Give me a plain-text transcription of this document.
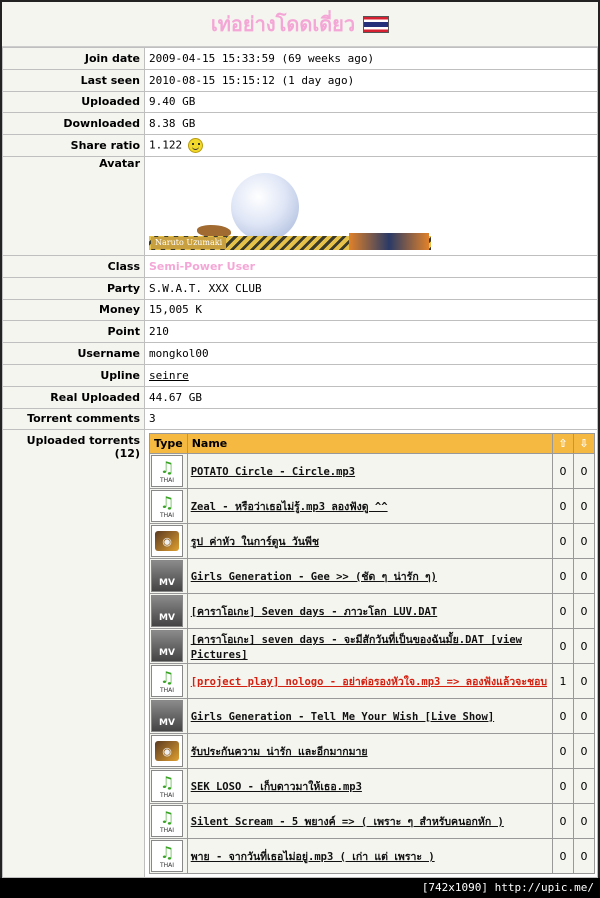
เท่อย่างโดดเดี่ยว
Join date	2009-04-15 15:33:59 (69 weeks ago)
Last seen	2010-08-15 15:15:12 (1 day ago)
Uploaded	9.40 GB
Downloaded	8.38 GB
Share ratio	1.122
Avatar	
Naruto Uzumaki

Class	Semi-Power User
Party	S.W.A.T. XXX CLUB
Money	15,005 K
Point	210
Username	mongkol00
Upline	seinre
Real Uploaded	44.67 GB
Torrent comments	3
Uploaded torrents (12)	
Type	Name	⇧	⇩

♫
THAI
	POTATO Circle - Circle.mp3	0	0

♫
THAI
	Zeal - หรือว่าเธอไม่รู้.mp3 ลองฟังดู ^^	0	0

◉	รูป ค่าหัว ในการ์ตูน วันพีช	0	0

MV
	Girls Generation - Gee >> (ชัด ๆ น่ารัก ๆ)	0	0

MV
	[คาราโอเกะ] Seven days - ภาวะโลก LUV.DAT	0	0

MV
	[คาราโอเกะ] seven days - จะมีสักวันที่เป็นของฉันมั้ย.DAT [view Pictures]	0	0

♫
THAI
	[project play] nologo - อย่าต่อรองหัวใจ.mp3 => ลองฟังแล้วจะชอบ	1	0

MV
	Girls Generation - Tell Me Your Wish [Live Show]	0	0

◉	รับประกันความ น่ารัก และอีกมากมาย	0	0

♫
THAI
	SEK LOSO - เก็บดาวมาให้เธอ.mp3	0	0

♫
THAI
	Silent Scream - 5 พยางค์ => ( เพราะ ๆ สำหรับคนอกหัก )	0	0

♫
THAI
	พาย - จากวันที่เธอไม่อยู่.mp3 ( เก่า แต่ เพราะ )	0	0
[742x1090] http://upic.me/
